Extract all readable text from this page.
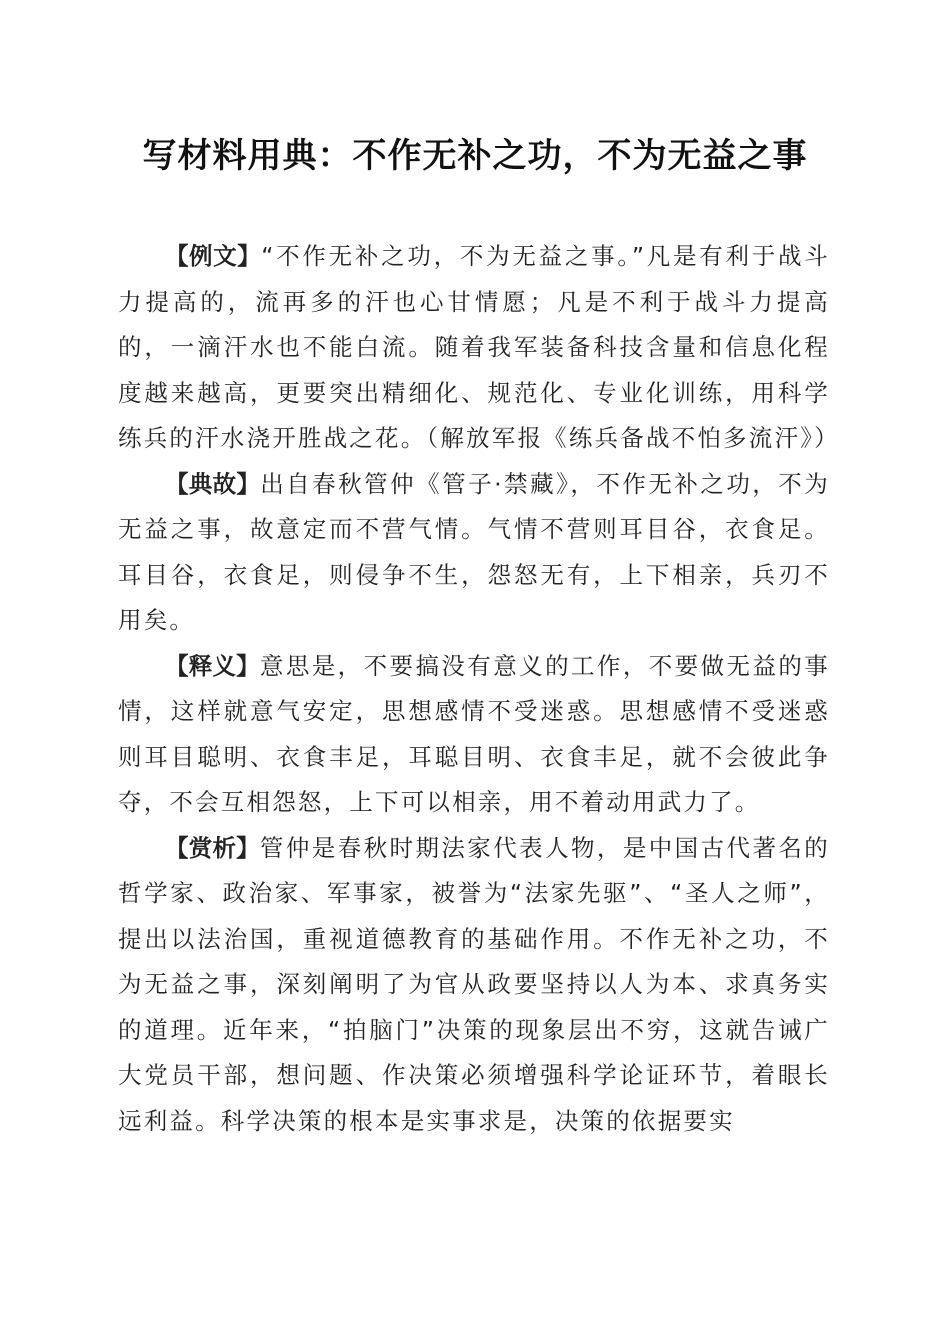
写材料用典：不作无补之功，不为无益之事

【例文】“不作无补之功，不为无益之事。”凡是有利于战斗力提高的，流再多的汗也心甘情愿；凡是不利于战斗力提高的，一滴汗水也不能白流。随着我军装备科技含量和信息化程度越来越高，更要突出精细化、规范化、专业化训练，用科学练兵的汗水浇开胜战之花。（解放军报《练兵备战不怕多流汗》）

【典故】出自春秋管仲《管子·禁藏》，不作无补之功，不为无益之事，故意定而不营气情。气情不营则耳目谷，衣食足。耳目谷，衣食足，则侵争不生，怨怒无有，上下相亲，兵刃不用矣。

【释义】意思是，不要搞没有意义的工作，不要做无益的事情，这样就意气安定，思想感情不受迷惑。思想感情不受迷惑则耳目聪明、衣食丰足，耳聪目明、衣食丰足，就不会彼此争夺，不会互相怨怒，上下可以相亲，用不着动用武力了。

【赏析】管仲是春秋时期法家代表人物，是中国古代著名的哲学家、政治家、军事家，被誉为“法家先驱”、“圣人之师”，提出以法治国，重视道德教育的基础作用。不作无补之功，不为无益之事，深刻阐明了为官从政要坚持以人为本、求真务实的道理。近年来，“拍脑门”决策的现象层出不穷，这就告诫广大党员干部，想问题、作决策必须增强科学论证环节，着眼长远利益。科学决策的根本是实事求是，决策的依据要实
